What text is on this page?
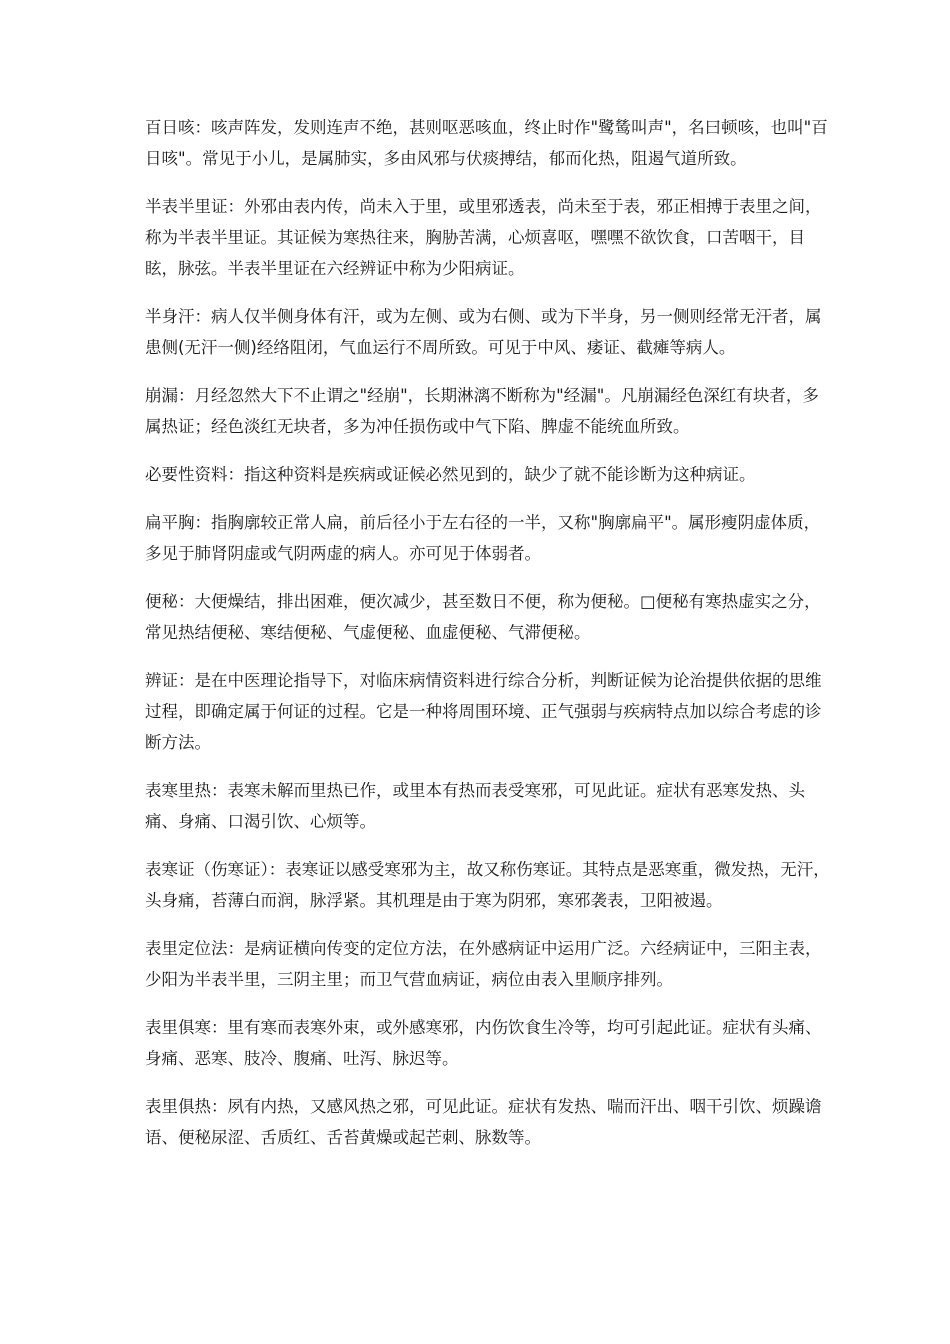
百日咳：咳声阵发，发则连声不绝，甚则呕恶咳血，终止时作"鹭鸶叫声"，名曰顿咳，也叫"百日咳"。常见于小儿，是属肺实，多由风邪与伏痰搏结，郁而化热，阻遏气道所致。

半表半里证：外邪由表内传，尚未入于里，或里邪透表，尚未至于表，邪正相搏于表里之间，称为半表半里证。其证候为寒热往来，胸胁苦满，心烦喜呕，嘿嘿不欲饮食，口苦咽干，目眩，脉弦。半表半里证在六经辨证中称为少阳病证。

半身汗：病人仅半侧身体有汗，或为左侧、或为右侧、或为下半身，另一侧则经常无汗者，属患侧(无汗一侧)经络阻闭，气血运行不周所致。可见于中风、痿证、截瘫等病人。

崩漏：月经忽然大下不止谓之"经崩"，长期淋漓不断称为"经漏"。凡崩漏经色深红有块者，多属热证；经色淡红无块者，多为冲任损伤或中气下陷、脾虚不能统血所致。

必要性资料：指这种资料是疾病或证候必然见到的，缺少了就不能诊断为这种病证。

扁平胸：指胸廓较正常人扁，前后径小于左右径的一半，又称"胸廓扁平"。属形瘦阴虚体质，多见于肺肾阴虚或气阴两虚的病人。亦可见于体弱者。

便秘：大便燥结，排出困难，便次减少，甚至数日不便，称为便秘。□便秘有寒热虚实之分，常见热结便秘、寒结便秘、气虚便秘、血虚便秘、气滞便秘。

辨证：是在中医理论指导下，对临床病情资料进行综合分析，判断证候为论治提供依据的思维过程，即确定属于何证的过程。它是一种将周围环境、正气强弱与疾病特点加以综合考虑的诊断方法。

表寒里热：表寒未解而里热已作，或里本有热而表受寒邪，可见此证。症状有恶寒发热、头痛、身痛、口渴引饮、心烦等。

表寒证（伤寒证）：表寒证以感受寒邪为主，故又称伤寒证。其特点是恶寒重，微发热，无汗，头身痛，苔薄白而润，脉浮紧。其机理是由于寒为阴邪，寒邪袭表，卫阳被遏。

表里定位法：是病证横向传变的定位方法，在外感病证中运用广泛。六经病证中，三阳主表，少阳为半表半里，三阴主里；而卫气营血病证，病位由表入里顺序排列。

表里俱寒：里有寒而表寒外束，或外感寒邪，内伤饮食生冷等，均可引起此证。症状有头痛、身痛、恶寒、肢冷、腹痛、吐泻、脉迟等。

表里俱热：夙有内热，又感风热之邪，可见此证。症状有发热、喘而汗出、咽干引饮、烦躁谵语、便秘尿涩、舌质红、舌苔黄燥或起芒刺、脉数等。
